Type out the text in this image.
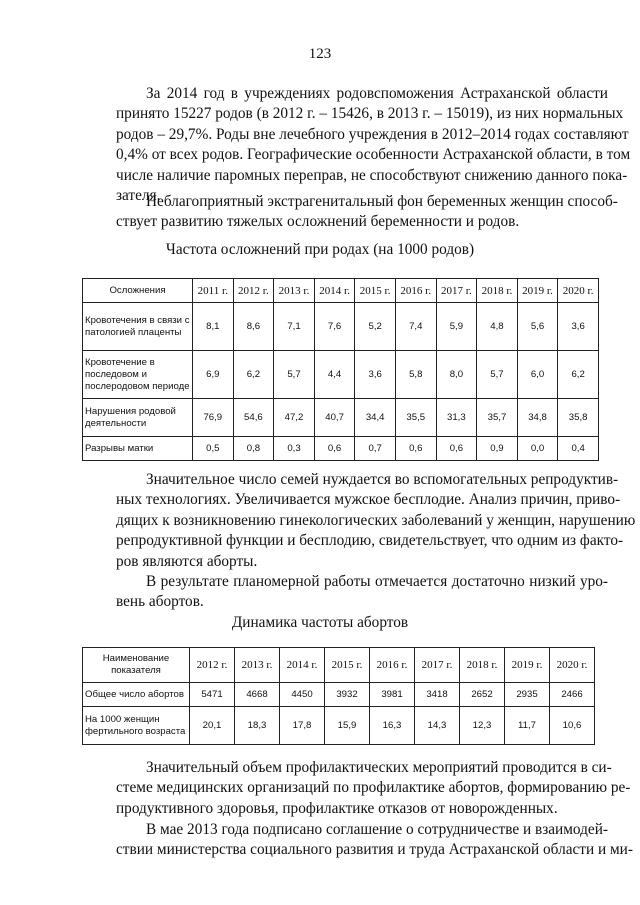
123
За 2014 год в учреждениях родовспоможения Астраханской области
принято 15227 родов (в 2012 г. – 15426, в 2013 г. – 15019), из них нормальных
родов – 29,7%. Роды вне лечебного учреждения в 2012–2014 годах составляют
0,4% от всех родов. Географические особенности Астраханской области, в том
числе наличие паромных переправ, не способствуют снижению данного пока-
зателя.
Неблагоприятный экстрагенитальный фон беременных женщин способ-
ствует развитию тяжелых осложнений беременности и родов.
Частота осложнений при родах (на 1000 родов)
Осложнения	2011 г.	2012 г.	2013 г.	2014 г.	2015 г.	2016 г.	2017 г.	2018 г.	2019 г.	2020 г.
Кровотечения в связи с патологией плаценты	8,1	8,6	7,1	7,6	5,2	7,4	5,9	4,8	5,6	3,6
Кровотечение в последовом и послеродовом периоде	6,9	6,2	5,7	4,4	3,6	5,8	8,0	5,7	6,0	6,2
Нарушения родовой деятельности	76,9	54,6	47,2	40,7	34,4	35,5	31,3	35,7	34,8	35,8
Разрывы матки	0,5	0,8	0,3	0,6	0,7	0,6	0,6	0,9	0,0	0,4
Значительное число семей нуждается во вспомогательных репродуктив-
ных технологиях. Увеличивается мужское бесплодие. Анализ причин, приво-
дящих к возникновению гинекологических заболеваний у женщин, нарушению
репродуктивной функции и бесплодию, свидетельствует, что одним из факто-
ров являются аборты.
В результате планомерной работы отмечается достаточно низкий уро-
вень абортов.
Динамика частоты абортов
Наименование показателя	2012 г.	2013 г.	2014 г.	2015 г.	2016 г.	2017 г.	2018 г.	2019 г.	2020 г.
Общее число абортов	5471	4668	4450	3932	3981	3418	2652	2935	2466
На 1000 женщин фертильного возраста	20,1	18,3	17,8	15,9	16,3	14,3	12,3	11,7	10,6
Значительный объем профилактических мероприятий проводится в си-
стеме медицинских организаций по профилактике абортов, формированию ре-
продуктивного здоровья, профилактике отказов от новорожденных.
В мае 2013 года подписано соглашение о сотрудничестве и взаимодей-
ствии министерства социального развития и труда Астраханской области и ми-
